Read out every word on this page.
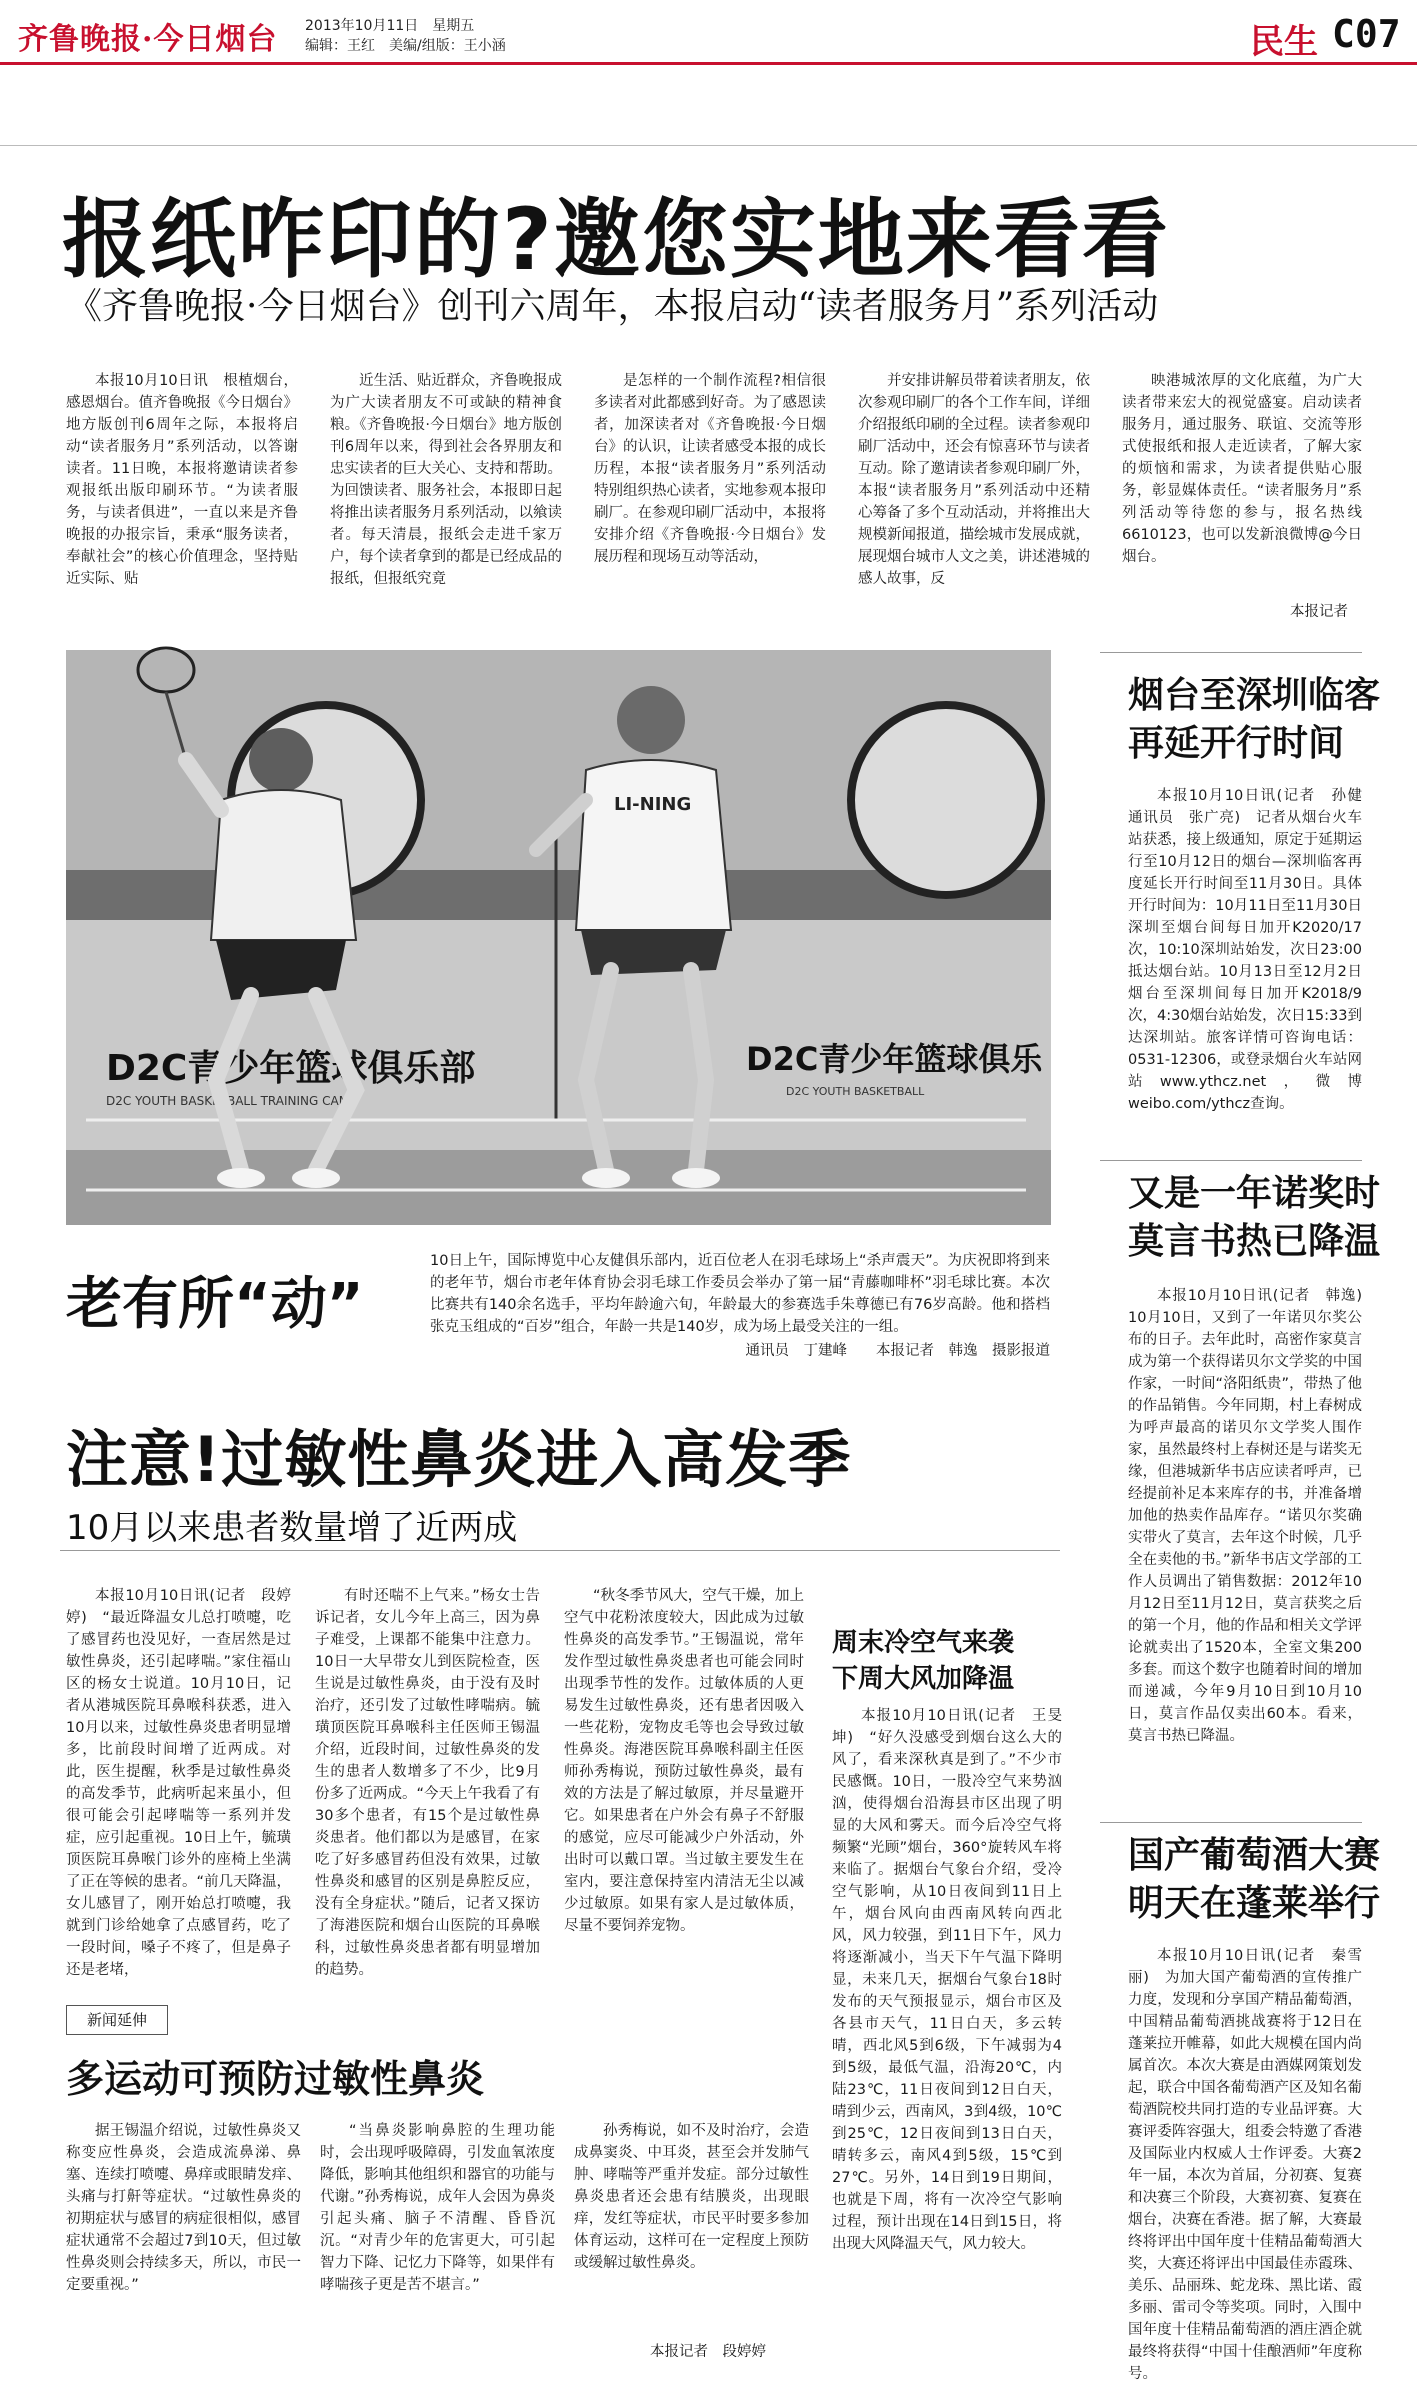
齐鲁晚报·今日烟台 2013年10月11日　星期五
编辑：王红　美编/组版：王小涵	民生 C07
报纸咋印的?邀您实地来看看
《齐鲁晚报·今日烟台》创刊六周年，本报启动“读者服务月”系列活动

本报10月10日讯　根植烟台，感恩烟台。值齐鲁晚报《今日烟台》地方版创刊6周年之际，本报将启动“读者服务月”系列活动，以答谢读者。11日晚，本报将邀请读者参观报纸出版印刷环节。“为读者服务，与读者俱进”，一直以来是齐鲁晚报的办报宗旨，秉承“服务读者，奉献社会”的核心价值理念，坚持贴近实际、贴

近生活、贴近群众，齐鲁晚报成为广大读者朋友不可或缺的精神食粮。《齐鲁晚报·今日烟台》地方版创刊6周年以来，得到社会各界朋友和忠实读者的巨大关心、支持和帮助。为回馈读者、服务社会，本报即日起将推出读者服务月系列活动，以飨读者。每天清晨，报纸会走进千家万户，每个读者拿到的都是已经成品的报纸，但报纸究竟

是怎样的一个制作流程?相信很多读者对此都感到好奇。为了感恩读者，加深读者对《齐鲁晚报·今日烟台》的认识，让读者感受本报的成长历程，本报“读者服务月”系列活动特别组织热心读者，实地参观本报印刷厂。在参观印刷厂活动中，本报将安排介绍《齐鲁晚报·今日烟台》发展历程和现场互动等活动，

并安排讲解员带着读者朋友，依次参观印刷厂的各个工作车间，详细介绍报纸印刷的全过程。读者参观印刷厂活动中，还会有惊喜环节与读者互动。除了邀请读者参观印刷厂外，本报“读者服务月”系列活动中还精心筹备了多个互动活动，并将推出大规模新闻报道，描绘城市发展成就，展现烟台城市人文之美，讲述港城的感人故事，反

映港城浓厚的文化底蕴，为广大读者带来宏大的视觉盛宴。启动读者服务月，通过服务、联谊、交流等形式使报纸和报人走近读者，了解大家的烦恼和需求，为读者提供贴心服务，彰显媒体责任。“读者服务月”系列活动等待您的参与，报名热线6610123，也可以发新浪微博@今日烟台。

本报记者
D2C青少年篮球俱乐部
D2C YOUTH BASKETBALL TRAINING CAMP
D2C青少年篮球俱乐
D2C YOUTH BASKETBALL
LI-NING
老有所“动”
10日上午，国际博览中心友健俱乐部内，近百位老人在羽毛球场上“杀声震天”。为庆祝即将到来的老年节，烟台市老年体育协会羽毛球工作委员会举办了第一届“青藤咖啡杯”羽毛球比赛。本次比赛共有140余名选手，平均年龄逾六旬，年龄最大的参赛选手朱尊德已有76岁高龄。他和搭档张克玉组成的“百岁”组合，年龄一共是140岁，成为场上最受关注的一组。
通讯员　丁建峰　　本报记者　韩逸　摄影报道
注意!过敏性鼻炎进入高发季
10月以来患者数量增了近两成

本报10月10日讯(记者　段婷婷)　“最近降温女儿总打喷嚏，吃了感冒药也没见好，一查居然是过敏性鼻炎，还引起哮喘。”家住福山区的杨女士说道。10月10日，记者从港城医院耳鼻喉科获悉，进入10月以来，过敏性鼻炎患者明显增多，比前段时间增了近两成。对此，医生提醒，秋季是过敏性鼻炎的高发季节，此病听起来虽小，但很可能会引起哮喘等一系列并发症，应引起重视。10日上午，毓璜顶医院耳鼻喉门诊外的座椅上坐满了正在等候的患者。“前几天降温，女儿感冒了，刚开始总打喷嚏，我就到门诊给她拿了点感冒药，吃了一段时间，嗓子不疼了，但是鼻子还是老堵，

有时还喘不上气来。”杨女士告诉记者，女儿今年上高三，因为鼻子难受，上课都不能集中注意力。10日一大早带女儿到医院检查，医生说是过敏性鼻炎，由于没有及时治疗，还引发了过敏性哮喘病。毓璜顶医院耳鼻喉科主任医师王锡温介绍，近段时间，过敏性鼻炎的发生的患者人数增多了不少，比9月份多了近两成。“今天上午我看了有30多个患者，有15个是过敏性鼻炎患者。他们都以为是感冒，在家吃了好多感冒药但没有效果，过敏性鼻炎和感冒的区别是鼻腔反应，没有全身症状。”随后，记者又探访了海港医院和烟台山医院的耳鼻喉科，过敏性鼻炎患者都有明显增加的趋势。

“秋冬季节风大，空气干燥，加上空气中花粉浓度较大，因此成为过敏性鼻炎的高发季节。”王锡温说，常年发作型过敏性鼻炎患者也可能会同时出现季节性的发作。过敏体质的人更易发生过敏性鼻炎，还有患者因吸入一些花粉，宠物皮毛等也会导致过敏性鼻炎。海港医院耳鼻喉科副主任医师孙秀梅说，预防过敏性鼻炎，最有效的方法是了解过敏原，并尽量避开它。如果患者在户外会有鼻子不舒服的感觉，应尽可能减少户外活动，外出时可以戴口罩。当过敏主要发生在室内，要注意保持室内清洁无尘以减少过敏原。如果有家人是过敏体质，尽量不要饲养宠物。

周末冷空气来袭　下周大风加降温

本报10月10日讯(记者　王旻坤)　“好久没感受到烟台这么大的风了，看来深秋真是到了。”不少市民感慨。10日，一股冷空气来势汹汹，使得烟台沿海县市区出现了明显的大风和雾天。而今后冷空气将频繁“光顾”烟台，360°旋转风车将来临了。据烟台气象台介绍，受冷空气影响，从10日夜间到11日上午，烟台风向由西南风转向西北风，风力较强，到11日下午，风力将逐渐减小，当天下午气温下降明显，未来几天，据烟台气象台18时发布的天气预报显示，烟台市区及各县市天气，11日白天，多云转晴，西北风5到6级，下午减弱为4到5级，最低气温，沿海20℃，内陆23℃，11日夜间到12日白天，晴到少云，西南风，3到4级，10℃到25℃，12日夜间到13日白天，晴转多云，南风4到5级，15℃到27℃。另外，14日到19日期间，也就是下周，将有一次冷空气影响过程，预计出现在14日到15日，将出现大风降温天气，风力较大。

新闻延伸
多运动可预防过敏性鼻炎

据王锡温介绍说，过敏性鼻炎又称变应性鼻炎，会造成流鼻涕、鼻塞、连续打喷嚏、鼻痒或眼睛发痒、头痛与打鼾等症状。“过敏性鼻炎的初期症状与感冒的病症很相似，感冒症状通常不会超过7到10天，但过敏性鼻炎则会持续多天，所以，市民一定要重视。”

“当鼻炎影响鼻腔的生理功能时，会出现呼吸障碍，引发血氧浓度降低，影响其他组织和器官的功能与代谢。”孙秀梅说，成年人会因为鼻炎引起头痛、脑子不清醒、昏昏沉沉。“对青少年的危害更大，可引起智力下降、记忆力下降等，如果伴有哮喘孩子更是苦不堪言。”

孙秀梅说，如不及时治疗，会造成鼻窦炎、中耳炎，甚至会并发肺气肿、哮喘等严重并发症。部分过敏性鼻炎患者还会患有结膜炎，出现眼痒，发红等症状，市民平时要多参加体育运动，这样可在一定程度上预防或缓解过敏性鼻炎。

本报记者　段婷婷
烟台至深圳临客
再延开行时间

本报10月10日讯(记者　孙健　通讯员　张广亮)　记者从烟台火车站获悉，接上级通知，原定于延期运行至10月12日的烟台—深圳临客再度延长开行时间至11月30日。具体开行时间为：10月11日至11月30日深圳至烟台间每日加开K2020/17次，10:10深圳站始发，次日23:00抵达烟台站。10月13日至12月2日烟台至深圳间每日加开K2018/9次，4:30烟台站始发，次日15:33到达深圳站。旅客详情可咨询电话：0531-12306，或登录烟台火车站网站www.ythcz.net，微博weibo.com/ythcz查询。

又是一年诺奖时
莫言书热已降温

本报10月10日讯(记者　韩逸)　10月10日，又到了一年诺贝尔奖公布的日子。去年此时，高密作家莫言成为第一个获得诺贝尔文学奖的中国作家，一时间“洛阳纸贵”，带热了他的作品销售。今年同期，村上春树成为呼声最高的诺贝尔文学奖人围作家，虽然最终村上春树还是与诺奖无缘，但港城新华书店应读者呼声，已经提前补足本来库存的书，并准备增加他的热卖作品库存。“诺贝尔奖确实带火了莫言，去年这个时候，几乎全在卖他的书。”新华书店文学部的工作人员调出了销售数据：2012年10月12日至11月12日，莫言获奖之后的第一个月，他的作品和相关文学评论就卖出了1520本，全室文集200多套。而这个数字也随着时间的增加而递减，今年9月10日到10月10日，莫言作品仅卖出60本。看来，莫言书热已降温。

国产葡萄酒大赛
明天在蓬莱举行

本报10月10日讯(记者　秦雪丽)　为加大国产葡萄酒的宣传推广力度，发现和分享国产精品葡萄酒，中国精品葡萄酒挑战赛将于12日在蓬莱拉开帷幕，如此大规模在国内尚属首次。本次大赛是由酒媒网策划发起，联合中国各葡萄酒产区及知名葡萄酒院校共同打造的专业品评赛。大赛评委阵容强大，组委会特邀了香港及国际业内权威人士作评委。大赛2年一届，本次为首届，分初赛、复赛和决赛三个阶段，大赛初赛、复赛在烟台，决赛在香港。据了解，大赛最终将评出中国年度十佳精品葡萄酒大奖，大赛还将评出中国最佳赤霞珠、美乐、品丽珠、蛇龙珠、黑比诺、霞多丽、雷司令等奖项。同时，入围中国年度十佳精品葡萄酒的酒庄酒企就最终将获得“中国十佳酿酒师”年度称号。
